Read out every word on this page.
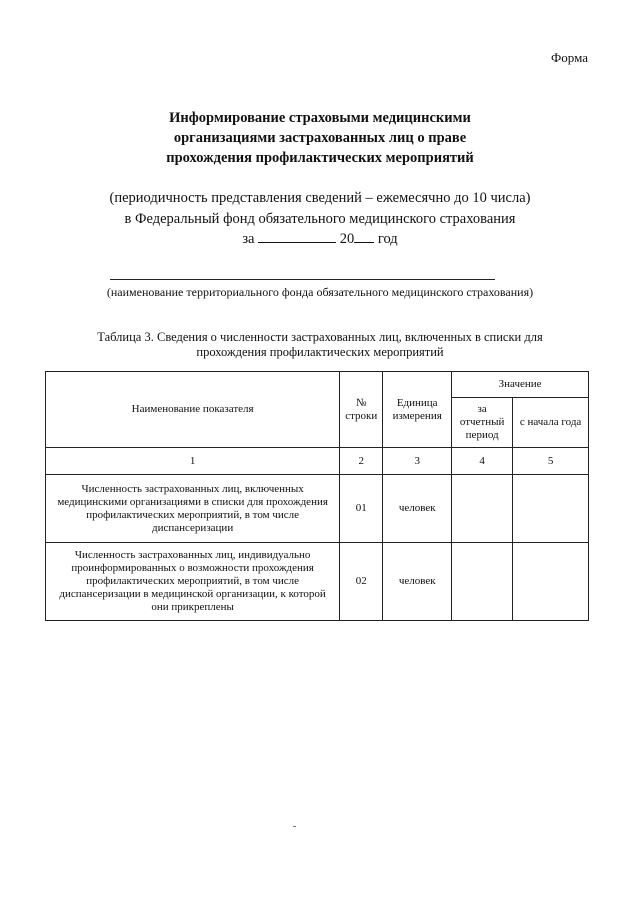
Форма
Информирование страховыми медицинскими
организациями застрахованных лиц о праве
прохождения профилактических мероприятий
(периодичность представления сведений – ежемесячно до 10 числа)
в Федеральный фонд обязательного медицинского страхования
за	20 год
(наименование территориального фонда обязательного медицинского страхования)
Таблица 3. Сведения о численности застрахованных лиц, включенных в списки для
прохождения профилактических мероприятий
Наименование показателя	№ строки	Единица измерения	Значение	
			за отчетный период	с начала года
1	2	3	4	5
Численность застрахованных лиц, включенных медицинскими организациями в списки для прохождения профилактических мероприятий, в том числе диспансеризации	01	человек		
Численность застрахованных лиц, индивидуально проинформированных о возможности прохождения профилактических мероприятий, в том числе диспансеризации в медицинской организации, к которой они прикреплены	02	человек		
